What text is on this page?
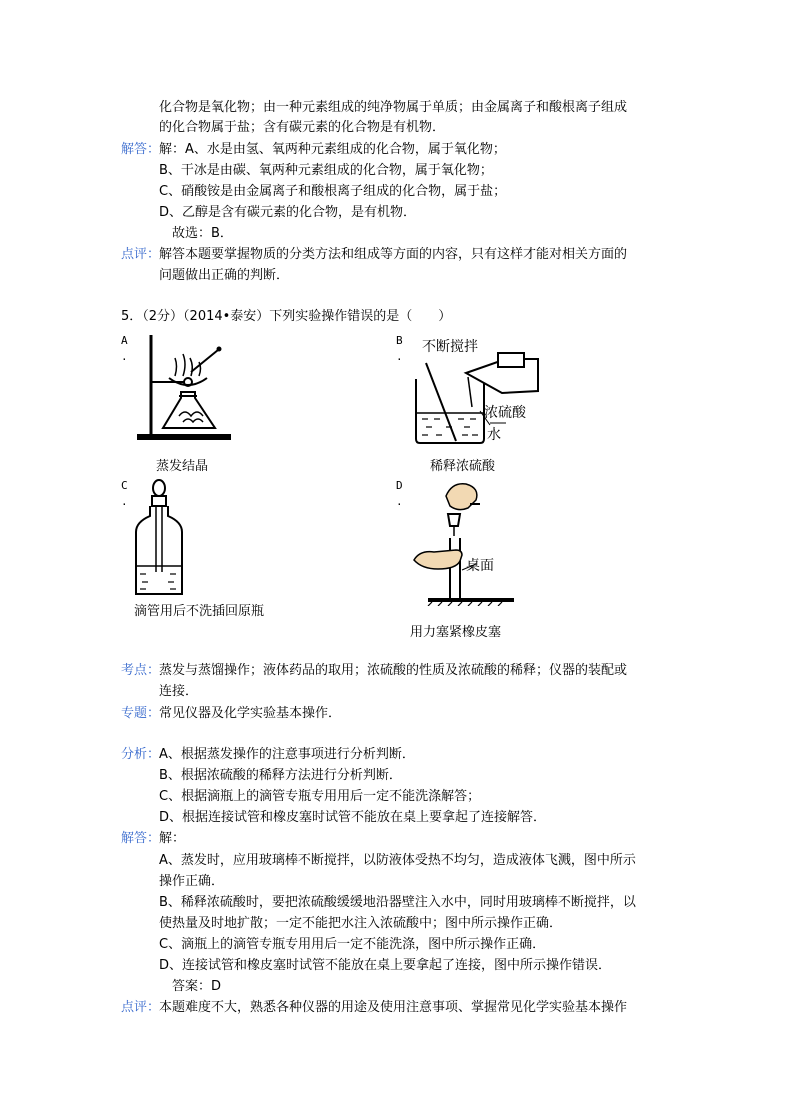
化合物是氧化物；由一种元素组成的纯净物属于单质；由金属离子和酸根离子组成
的化合物属于盐；含有碳元素的化合物是有机物．
解答：
解：A、水是由氢、氧两种元素组成的化合物，属于氧化物；
B、干冰是由碳、氧两种元素组成的化合物，属于氧化物；
C、硝酸铵是由金属离子和酸根离子组成的化合物，属于盐；
D、乙醇是含有碳元素的化合物，是有机物．
故选：B．
点评：
解答本题要掌握物质的分类方法和组成等方面的内容，只有这样才能对相关方面的
问题做出正确的判断．
5．（2分）（2014•泰安）下列实验操作错误的是（　　）
A
.
蒸发结晶
B
.
不断搅拌
浓硫酸
水
稀释浓硫酸
C
.
滴管用后不洗插回原瓶
D
.
桌面
用力塞紧橡皮塞
考点：
蒸发与蒸馏操作；液体药品的取用；浓硫酸的性质及浓硫酸的稀释；仪器的装配或
连接．
专题：
常见仪器及化学实验基本操作．
分析：
A、根据蒸发操作的注意事项进行分析判断．
B、根据浓硫酸的稀释方法进行分析判断．
C、根据滴瓶上的滴管专瓶专用用后一定不能洗涤解答；
D、根据连接试管和橡皮塞时试管不能放在桌上要拿起了连接解答．
解答：
解：
A、蒸发时，应用玻璃棒不断搅拌，以防液体受热不均匀，造成液体飞溅，图中所示
操作正确．
B、稀释浓硫酸时，要把浓硫酸缓缓地沿器壁注入水中，同时用玻璃棒不断搅拌，以
使热量及时地扩散；一定不能把水注入浓硫酸中；图中所示操作正确．
C、滴瓶上的滴管专瓶专用用后一定不能洗涤，图中所示操作正确．
D、连接试管和橡皮塞时试管不能放在桌上要拿起了连接，图中所示操作错误．
答案：D
点评：
本题难度不大，熟悉各种仪器的用途及使用注意事项、掌握常见化学实验基本操作
